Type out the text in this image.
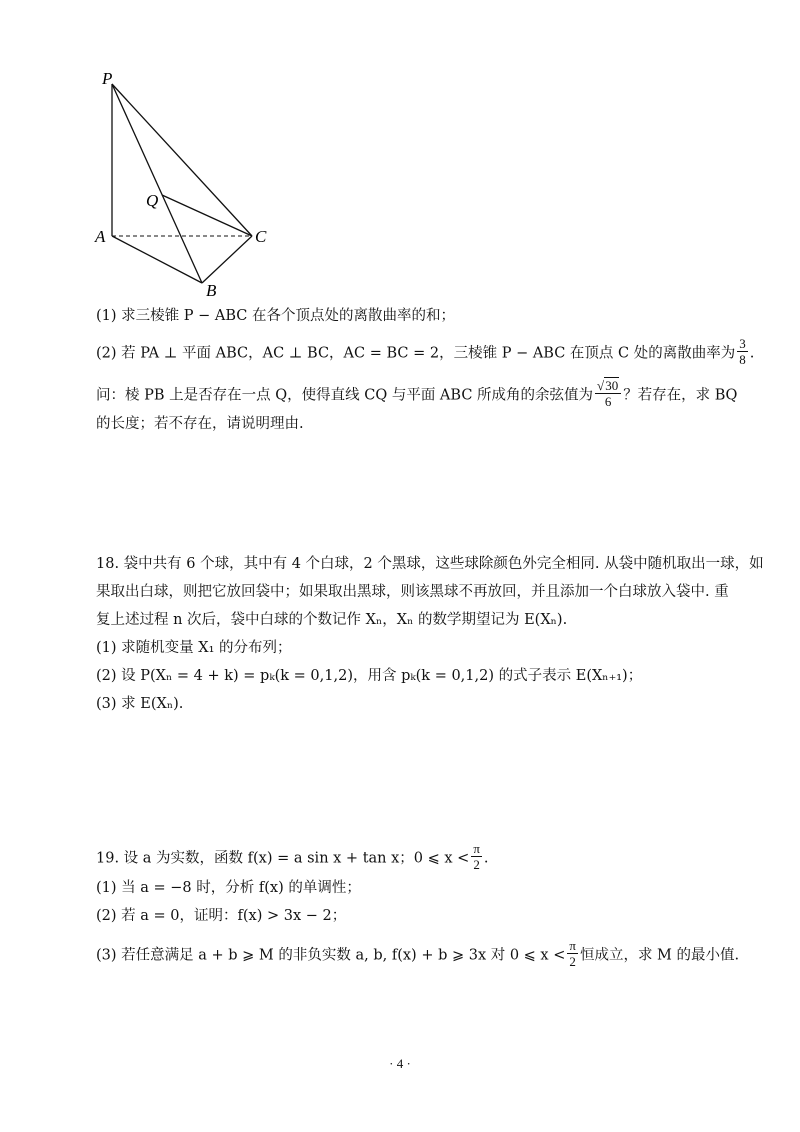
P
Q
A	C
B
(1) 求三棱锥 P − ABC 在各个顶点处的离散曲率的和；
(2) 若 PA ⊥ 平面 ABC，AC ⊥ BC，AC = BC = 2，三棱锥 P − ABC 在顶点 C 处的离散曲率为 $\frac{3}{8}$ .
问：棱 PB 上是否存在一点 Q，使得直线 CQ 与平面 ABC 所成角的余弦值为 $\frac{√30}{6}$ ？若存在，求 BQ
的长度；若不存在，请说明理由.
18. 袋中共有 6 个球，其中有 4 个白球，2 个黑球，这些球除颜色外完全相同. 从袋中随机取出一球，如
果取出白球，则把它放回袋中；如果取出黑球，则该黑球不再放回，并且添加一个白球放入袋中. 重
复上述过程 n 次后，袋中白球的个数记作 Xₙ，Xₙ 的数学期望记为 E(Xₙ).
(1) 求随机变量 X₁ 的分布列；
(2) 设 P(Xₙ = 4 + k) = pₖ(k = 0,1,2)，用含 pₖ(k = 0,1,2) 的式子表示 E(Xₙ₊₁)；
(3) 求 E(Xₙ).
19. 设 a 为实数，函数 f(x) = a sin x + tan x；0 ⩽ $x < \frac{\pi}{2}$ .
(1) 当 a = −8 时，分析 f(x) 的单调性；
(2) 若 a = 0，证明：f(x) > 3x − 2；
(3) 若任意满足 a + b ⩾ M 的非负实数 a, b, f(x) + b ⩾ 3x 对 0 ⩽ $x < \frac{\pi}{2}$ 恒成立，求 M 的最小值.
· 4 ·
